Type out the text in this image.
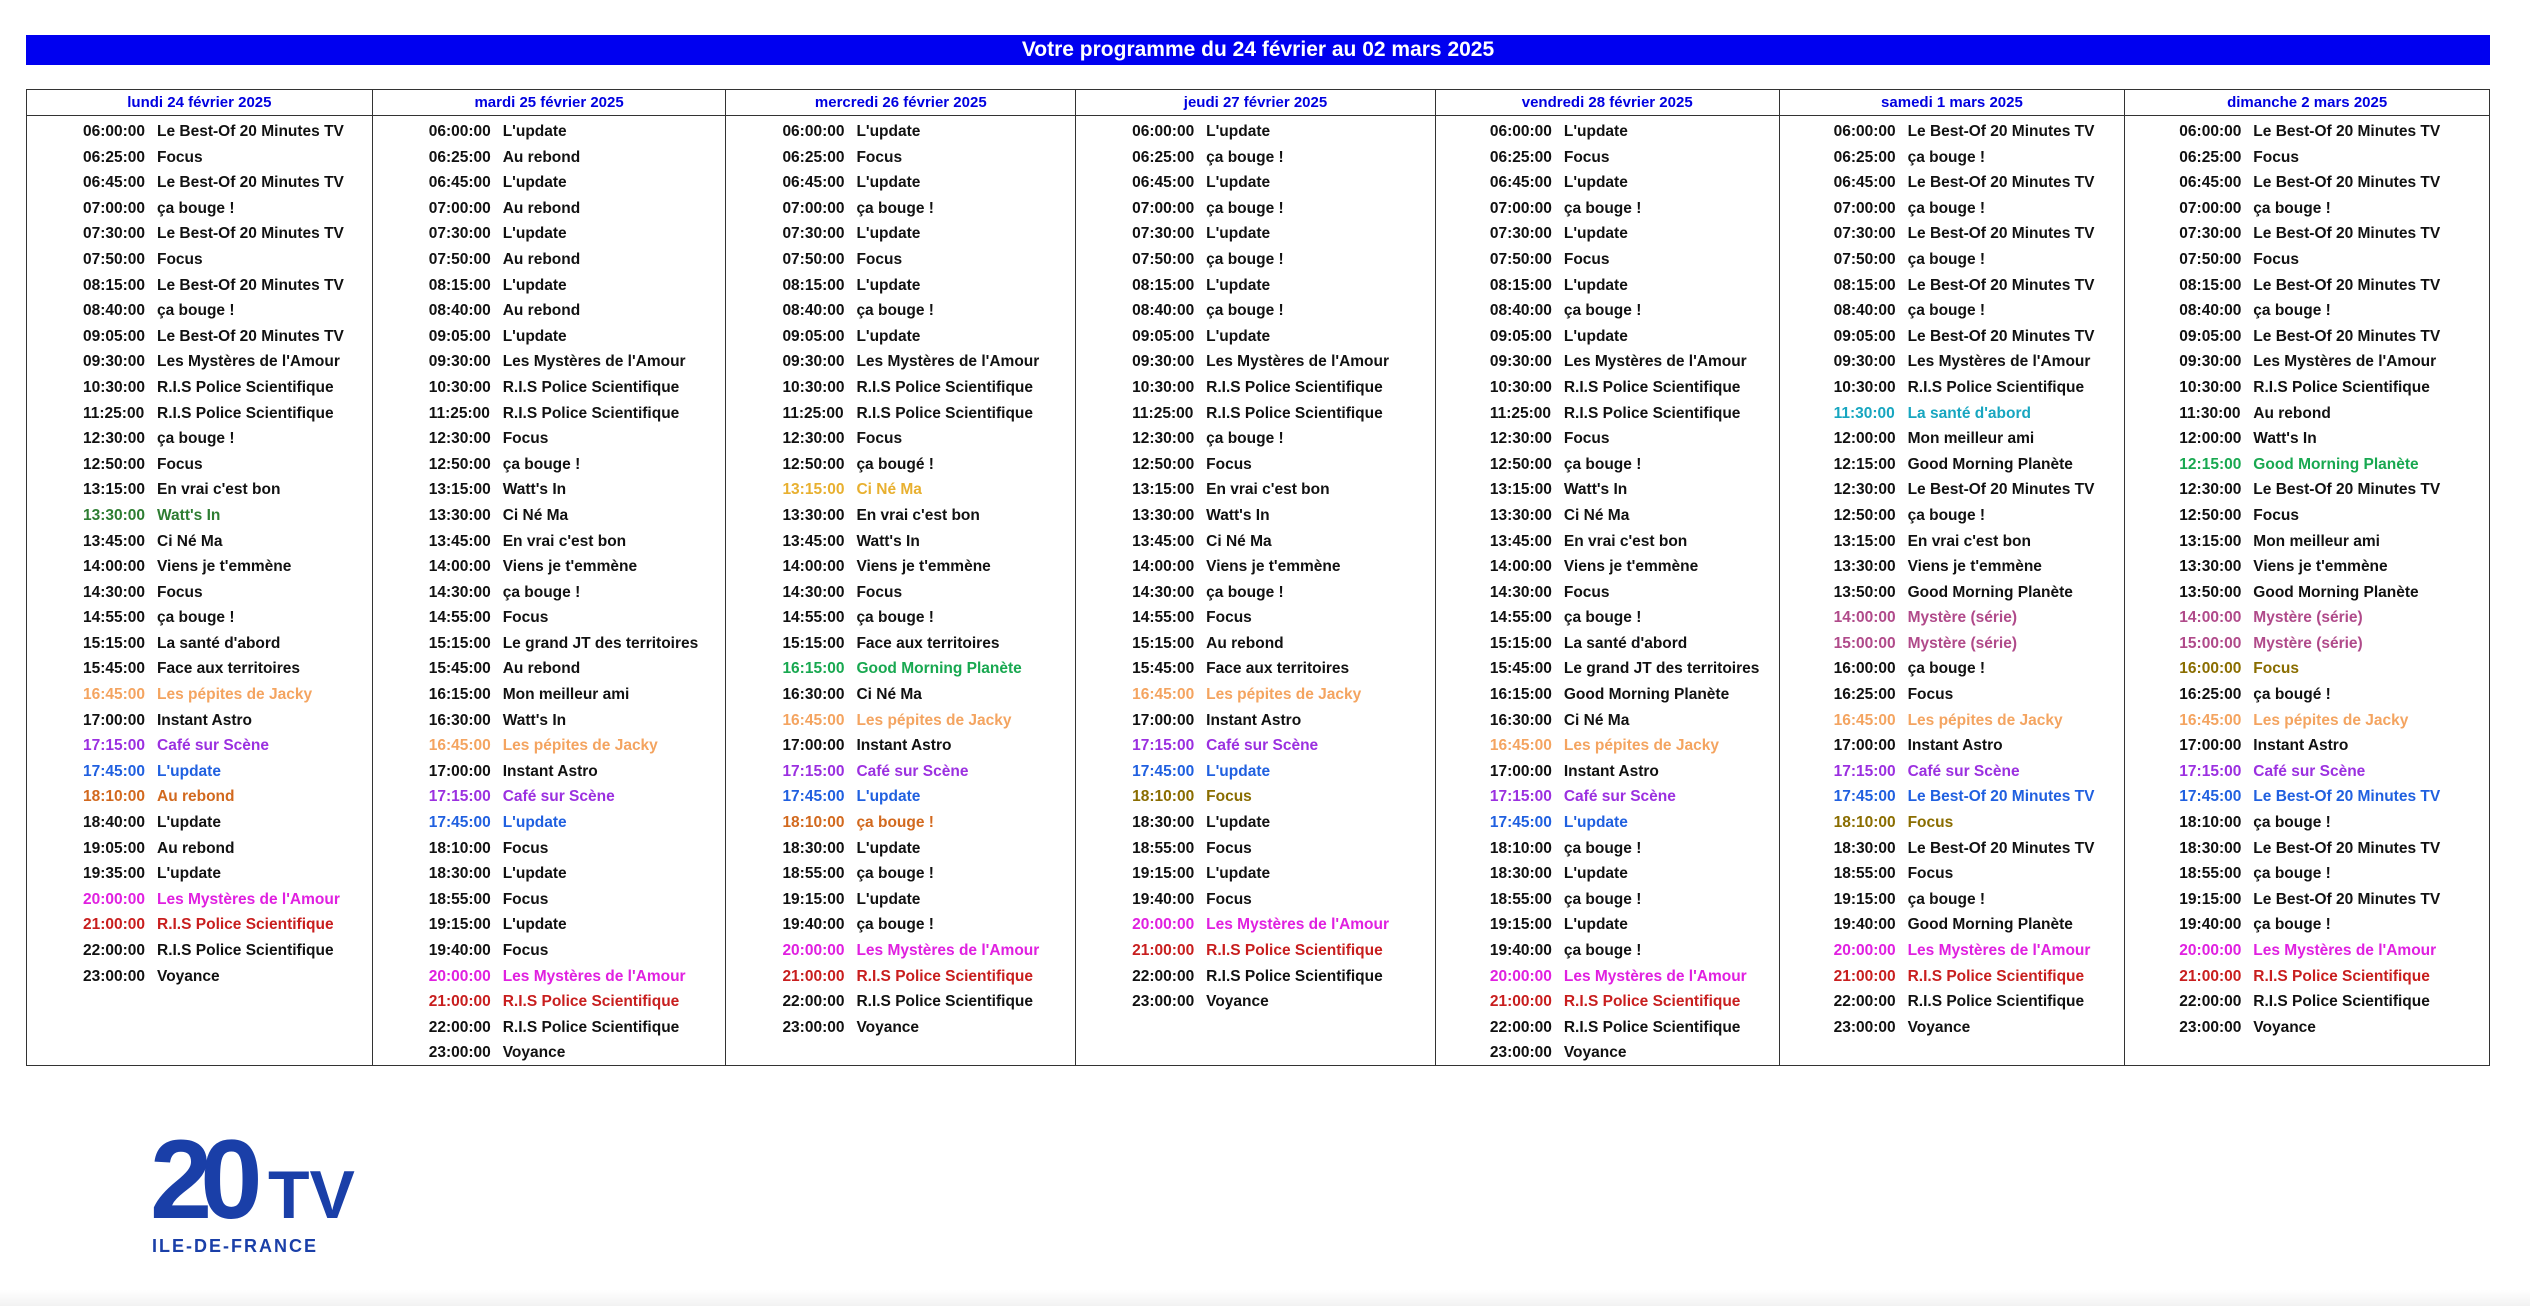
Votre programme du 24 février au 02 mars 2025
lundi 24 février 2025
06:00:00 Le Best-Of 20 Minutes TV
06:25:00 Focus
06:45:00 Le Best-Of 20 Minutes TV
07:00:00 ça bouge !
07:30:00 Le Best-Of 20 Minutes TV
07:50:00 Focus
08:15:00 Le Best-Of 20 Minutes TV
08:40:00 ça bouge !
09:05:00 Le Best-Of 20 Minutes TV
09:30:00 Les Mystères de l'Amour
10:30:00 R.I.S Police Scientifique
11:25:00 R.I.S Police Scientifique
12:30:00 ça bouge !
12:50:00 Focus
13:15:00 En vrai c'est bon
13:30:00 Watt's In
13:45:00 Ci Né Ma
14:00:00 Viens je t'emmène
14:30:00 Focus
14:55:00 ça bouge !
15:15:00 La santé d'abord
15:45:00 Face aux territoires
16:45:00 Les pépites de Jacky
17:00:00 Instant Astro
17:15:00 Café sur Scène
17:45:00 L'update
18:10:00 Au rebond
18:40:00 L'update
19:05:00 Au rebond
19:35:00 L'update
20:00:00 Les Mystères de l'Amour
21:00:00 R.I.S Police Scientifique
22:00:00 R.I.S Police Scientifique
23:00:00 Voyance
mardi 25 février 2025
06:00:00 L'update
06:25:00 Au rebond
06:45:00 L'update
07:00:00 Au rebond
07:30:00 L'update
07:50:00 Au rebond
08:15:00 L'update
08:40:00 Au rebond
09:05:00 L'update
09:30:00 Les Mystères de l'Amour
10:30:00 R.I.S Police Scientifique
11:25:00 R.I.S Police Scientifique
12:30:00 Focus
12:50:00 ça bouge !
13:15:00 Watt's In
13:30:00 Ci Né Ma
13:45:00 En vrai c'est bon
14:00:00 Viens je t'emmène
14:30:00 ça bouge !
14:55:00 Focus
15:15:00 Le grand JT des territoires
15:45:00 Au rebond
16:15:00 Mon meilleur ami
16:30:00 Watt's In
16:45:00 Les pépites de Jacky
17:00:00 Instant Astro
17:15:00 Café sur Scène
17:45:00 L'update
18:10:00 Focus
18:30:00 L'update
18:55:00 Focus
19:15:00 L'update
19:40:00 Focus
20:00:00 Les Mystères de l'Amour
21:00:00 R.I.S Police Scientifique
22:00:00 R.I.S Police Scientifique
23:00:00 Voyance
mercredi 26 février 2025
06:00:00 L'update
06:25:00 Focus
06:45:00 L'update
07:00:00 ça bouge !
07:30:00 L'update
07:50:00 Focus
08:15:00 L'update
08:40:00 ça bouge !
09:05:00 L'update
09:30:00 Les Mystères de l'Amour
10:30:00 R.I.S Police Scientifique
11:25:00 R.I.S Police Scientifique
12:30:00 Focus
12:50:00 ça bougé !
13:15:00 Ci Né Ma
13:30:00 En vrai c'est bon
13:45:00 Watt's In
14:00:00 Viens je t'emmène
14:30:00 Focus
14:55:00 ça bouge !
15:15:00 Face aux territoires
16:15:00 Good Morning Planète
16:30:00 Ci Né Ma
16:45:00 Les pépites de Jacky
17:00:00 Instant Astro
17:15:00 Café sur Scène
17:45:00 L'update
18:10:00 ça bouge !
18:30:00 L'update
18:55:00 ça bouge !
19:15:00 L'update
19:40:00 ça bouge !
20:00:00 Les Mystères de l'Amour
21:00:00 R.I.S Police Scientifique
22:00:00 R.I.S Police Scientifique
23:00:00 Voyance
jeudi 27 février 2025
06:00:00 L'update
06:25:00 ça bouge !
06:45:00 L'update
07:00:00 ça bouge !
07:30:00 L'update
07:50:00 ça bouge !
08:15:00 L'update
08:40:00 ça bouge !
09:05:00 L'update
09:30:00 Les Mystères de l'Amour
10:30:00 R.I.S Police Scientifique
11:25:00 R.I.S Police Scientifique
12:30:00 ça bouge !
12:50:00 Focus
13:15:00 En vrai c'est bon
13:30:00 Watt's In
13:45:00 Ci Né Ma
14:00:00 Viens je t'emmène
14:30:00 ça bouge !
14:55:00 Focus
15:15:00 Au rebond
15:45:00 Face aux territoires
16:45:00 Les pépites de Jacky
17:00:00 Instant Astro
17:15:00 Café sur Scène
17:45:00 L'update
18:10:00 Focus
18:30:00 L'update
18:55:00 Focus
19:15:00 L'update
19:40:00 Focus
20:00:00 Les Mystères de l'Amour
21:00:00 R.I.S Police Scientifique
22:00:00 R.I.S Police Scientifique
23:00:00 Voyance
vendredi 28 février 2025
06:00:00 L'update
06:25:00 Focus
06:45:00 L'update
07:00:00 ça bouge !
07:30:00 L'update
07:50:00 Focus
08:15:00 L'update
08:40:00 ça bouge !
09:05:00 L'update
09:30:00 Les Mystères de l'Amour
10:30:00 R.I.S Police Scientifique
11:25:00 R.I.S Police Scientifique
12:30:00 Focus
12:50:00 ça bouge !
13:15:00 Watt's In
13:30:00 Ci Né Ma
13:45:00 En vrai c'est bon
14:00:00 Viens je t'emmène
14:30:00 Focus
14:55:00 ça bouge !
15:15:00 La santé d'abord
15:45:00 Le grand JT des territoires
16:15:00 Good Morning Planète
16:30:00 Ci Né Ma
16:45:00 Les pépites de Jacky
17:00:00 Instant Astro
17:15:00 Café sur Scène
17:45:00 L'update
18:10:00 ça bouge !
18:30:00 L'update
18:55:00 ça bouge !
19:15:00 L'update
19:40:00 ça bouge !
20:00:00 Les Mystères de l'Amour
21:00:00 R.I.S Police Scientifique
22:00:00 R.I.S Police Scientifique
23:00:00 Voyance
samedi 1 mars 2025
06:00:00 Le Best-Of 20 Minutes TV
06:25:00 ça bouge !
06:45:00 Le Best-Of 20 Minutes TV
07:00:00 ça bouge !
07:30:00 Le Best-Of 20 Minutes TV
07:50:00 ça bouge !
08:15:00 Le Best-Of 20 Minutes TV
08:40:00 ça bouge !
09:05:00 Le Best-Of 20 Minutes TV
09:30:00 Les Mystères de l'Amour
10:30:00 R.I.S Police Scientifique
11:30:00 La santé d'abord
12:00:00 Mon meilleur ami
12:15:00 Good Morning Planète
12:30:00 Le Best-Of 20 Minutes TV
12:50:00 ça bouge !
13:15:00 En vrai c'est bon
13:30:00 Viens je t'emmène
13:50:00 Good Morning Planète
14:00:00 Mystère (série)
15:00:00 Mystère (série)
16:00:00 ça bouge !
16:25:00 Focus
16:45:00 Les pépites de Jacky
17:00:00 Instant Astro
17:15:00 Café sur Scène
17:45:00 Le Best-Of 20 Minutes TV
18:10:00 Focus
18:30:00 Le Best-Of 20 Minutes TV
18:55:00 Focus
19:15:00 ça bouge !
19:40:00 Good Morning Planète
20:00:00 Les Mystères de l'Amour
21:00:00 R.I.S Police Scientifique
22:00:00 R.I.S Police Scientifique
23:00:00 Voyance
dimanche 2 mars 2025
06:00:00 Le Best-Of 20 Minutes TV
06:25:00 Focus
06:45:00 Le Best-Of 20 Minutes TV
07:00:00 ça bouge !
07:30:00 Le Best-Of 20 Minutes TV
07:50:00 Focus
08:15:00 Le Best-Of 20 Minutes TV
08:40:00 ça bouge !
09:05:00 Le Best-Of 20 Minutes TV
09:30:00 Les Mystères de l'Amour
10:30:00 R.I.S Police Scientifique
11:30:00 Au rebond
12:00:00 Watt's In
12:15:00 Good Morning Planète
12:30:00 Le Best-Of 20 Minutes TV
12:50:00 Focus
13:15:00 Mon meilleur ami
13:30:00 Viens je t'emmène
13:50:00 Good Morning Planète
14:00:00 Mystère (série)
15:00:00 Mystère (série)
16:00:00 Focus
16:25:00 ça bougé !
16:45:00 Les pépites de Jacky
17:00:00 Instant Astro
17:15:00 Café sur Scène
17:45:00 Le Best-Of 20 Minutes TV
18:10:00 ça bouge !
18:30:00 Le Best-Of 20 Minutes TV
18:55:00 ça bouge !
19:15:00 Le Best-Of 20 Minutes TV
19:40:00 ça bouge !
20:00:00 Les Mystères de l'Amour
21:00:00 R.I.S Police Scientifique
22:00:00 R.I.S Police Scientifique
23:00:00 Voyance
20 TV
ILE-DE-FRANCE
